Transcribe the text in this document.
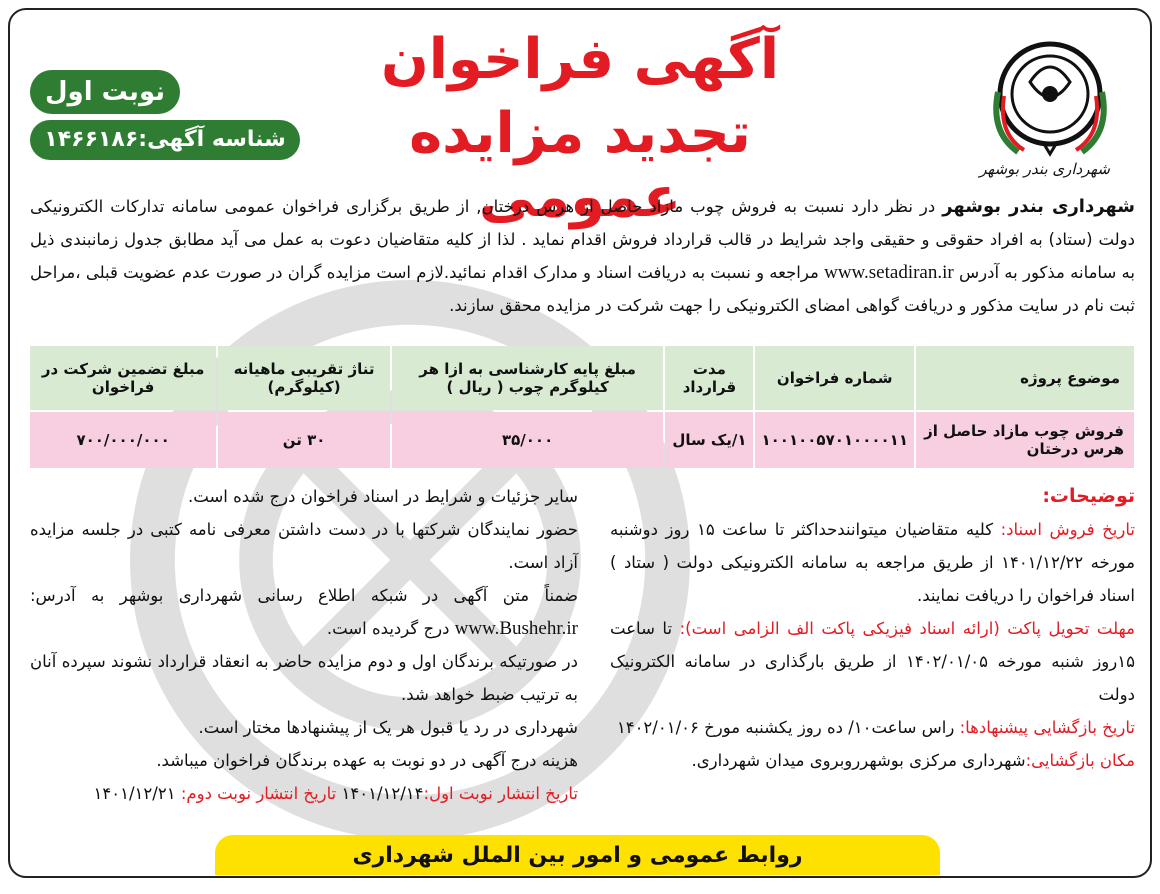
شهرداری بندر بوشهر
آگهی فراخوان
تجدید مزایده عمومی
نوبت اول
شناسه آگهی:۱۴۶۶۱۸۶
شهرداری بندر بوشهر در نظر دارد نسبت به فروش چوب مازاد حاصل از هرس درختان, از طریق برگزاری فراخوان عمومی سامانه تدارکات الکترونیکی دولت (ستاد) به افراد حقوقی و حقیقی واجد شرایط در قالب قرارداد فروش اقدام نماید . لذا از کلیه متقاضیان دعوت به عمل می آید مطابق جدول زمانبندی ذیل به سامانه مذکور به آدرس www.setadiran.ir مراجعه و نسبت به دریافت اسناد و مدارک اقدام نمائید.لازم است مزایده گران در صورت عدم عضویت قبلی ،مراحل ثبت نام در سایت مذکور و دریافت گواهی امضای الکترونیکی را جهت شرکت در مزایده محقق سازند.
موضوع پروژه	شماره فراخوان	مدت قرارداد	مبلغ پایه کارشناسی به ازا هر کیلوگرم چوب ( ریال )	تناژ تقریبی ماهیانه (کیلوگرم)	مبلغ تضمین شرکت در فراخوان
فروش چوب مازاد حاصل از هرس درختان	۱۰۰۱۰۰۵۷۰۱۰۰۰۰۱۱	۱/یک سال	۳۵/۰۰۰	۳۰ تن	۷۰۰/۰۰۰/۰۰۰
توضیحات:

تاریخ فروش اسناد: کلیه متقاضیان میتوانندحداکثر تا ساعت ۱۵ روز دوشنبه مورخه ۱۴۰۱/۱۲/۲۲ از طریق مراجعه به سامانه الکترونیکی دولت ( ستاد ) اسناد فراخوان را دریافت نمایند.

مهلت تحویل پاکت (ارائه اسناد فیزیکی پاکت الف الزامی است): تا ساعت ۱۵روز شنبه مورخه ۱۴۰۲/۰۱/۰۵ از طریق بارگذاری در سامانه الکترونیک دولت

تاریخ بازگشایی پیشنهادها: راس ساعت۱۰/ ده روز یکشنبه مورخ ۱۴۰۲/۰۱/۰۶

مکان بازگشایی:شهرداری مرکزی بوشهرروبروی میدان شهرداری.

سایر جزئیات و شرایط در اسناد فراخوان درج شده است.

حضور نمایندگان شرکتها با در دست داشتن معرفی نامه کتبی در جلسه مزایده آزاد است.

ضمناً متن آگهی در شبکه اطلاع رسانی شهرداری بوشهر به آدرس: www.Bushehr.ir درج گردیده است.

در صورتیکه برندگان اول و دوم مزایده حاضر به انعقاد قرارداد نشوند سپرده آنان به ترتیب ضبط خواهد شد.

شهرداری در رد یا قبول هر یک از پیشنهادها مختار است.

هزینه درج آگهی در دو نوبت به عهده برندگان فراخوان میباشد.

تاریخ انتشار نوبت اول:۱۴۰۱/۱۲/۱۴ تاریخ انتشار نوبت دوم: ۱۴۰۱/۱۲/۲۱

روابط عمومی و امور بین الملل شهرداری
